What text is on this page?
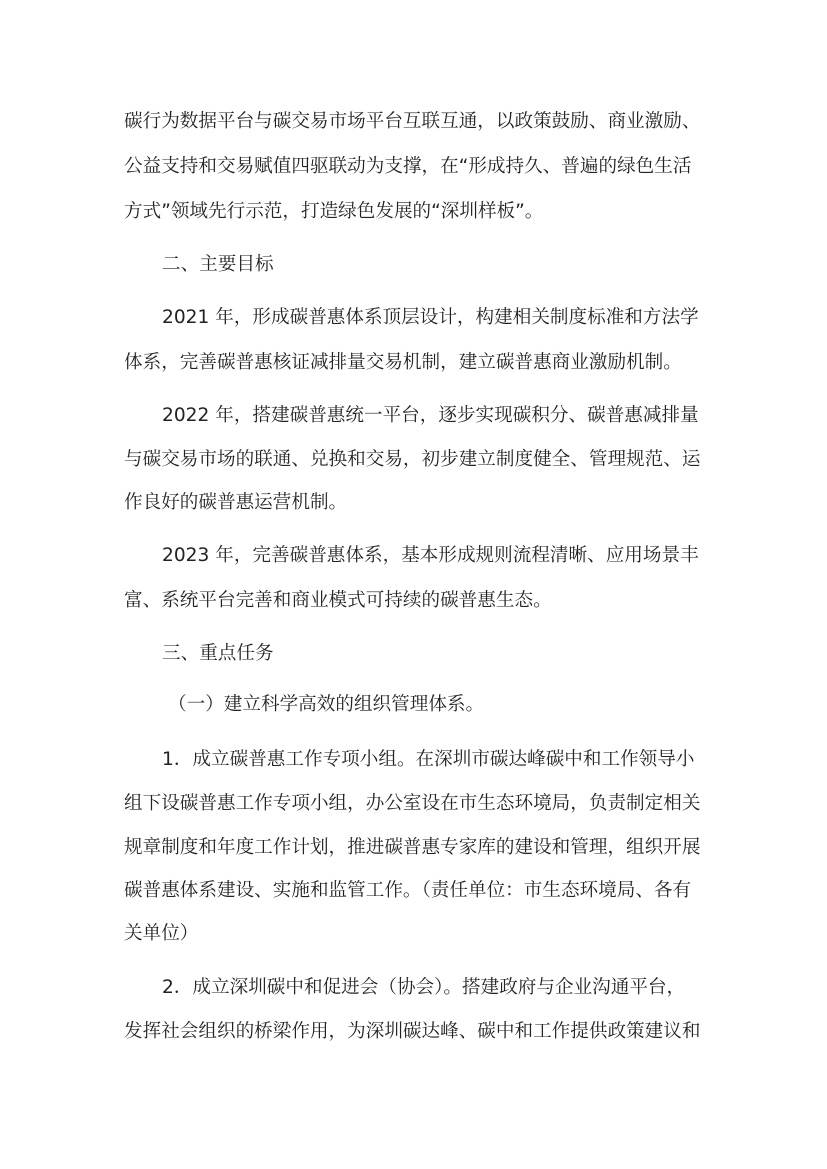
碳行为数据平台与碳交易市场平台互联互通，以政策鼓励、商业激励、
公益支持和交易赋值四驱联动为支撑，在“形成持久、普遍的绿色生活
方式”领域先行示范，打造绿色发展的“深圳样板”。
二、主要目标
2021 年，形成碳普惠体系顶层设计，构建相关制度标准和方法学
体系，完善碳普惠核证减排量交易机制，建立碳普惠商业激励机制。
2022 年，搭建碳普惠统一平台，逐步实现碳积分、碳普惠减排量
与碳交易市场的联通、兑换和交易，初步建立制度健全、管理规范、运
作良好的碳普惠运营机制。
2023 年，完善碳普惠体系，基本形成规则流程清晰、应用场景丰
富、系统平台完善和商业模式可持续的碳普惠生态。
三、重点任务
（一）建立科学高效的组织管理体系。
1．成立碳普惠工作专项小组。在深圳市碳达峰碳中和工作领导小
组下设碳普惠工作专项小组，办公室设在市生态环境局，负责制定相关
规章制度和年度工作计划，推进碳普惠专家库的建设和管理，组织开展
碳普惠体系建设、实施和监管工作。（责任单位：市生态环境局、各有
关单位）
2．成立深圳碳中和促进会（协会）。搭建政府与企业沟通平台，
发挥社会组织的桥梁作用，为深圳碳达峰、碳中和工作提供政策建议和
